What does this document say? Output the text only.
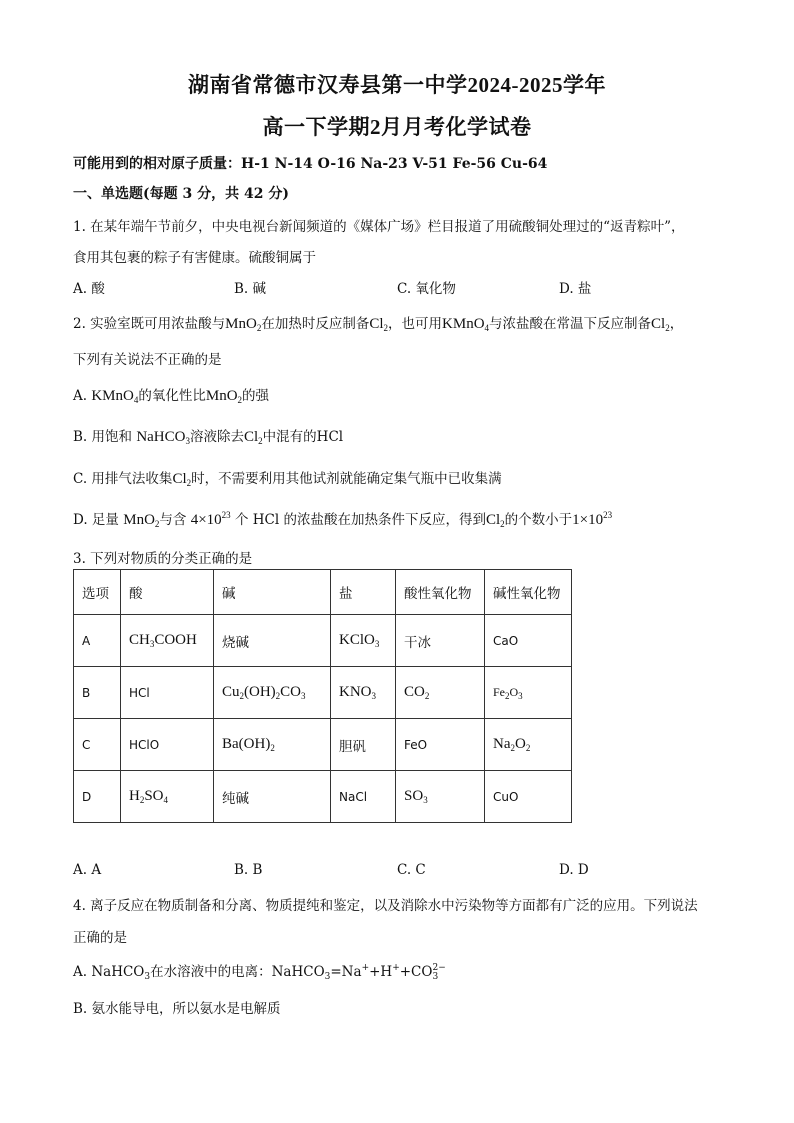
湖南省常德市汉寿县第一中学2024-2025学年
高一下学期2月月考化学试卷
可能用到的相对原子质量：H-1 N-14 O-16 Na-23 V-51 Fe-56 Cu-64
一、单选题(每题 3 分，共 42 分)
1. 在某年端午节前夕，中央电视台新闻频道的《媒体广场》栏目报道了用硫酸铜处理过的“返青粽叶”，
食用其包裹的粽子有害健康。硫酸铜属于
A. 酸	B. 碱	C. 氧化物	D. 盐
2. 实验室既可用浓盐酸与MnO$_2$在加热时反应制备$Cl_2$，也可用KMnO$_4$与浓盐酸在常温下反应制备$Cl_2$，
下列有关说法不正确的是
A. KMnO$_4$的氧化性比MnO$_2$的强
B. 用饱和 NaHCO$_3$溶液除去$Cl_2$中混有的HCl
C. 用排气法收集$Cl_2$时，不需要利用其他试剂就能确定集气瓶中已收集满
D. 足量 MnO$_2$与含 $4\times 10^{23}$ 个 HCl 的浓盐酸在加热条件下反应，得到$Cl_2$的个数小于$1\times 10^{23}$
3. 下列对物质的分类正确的是
选项	酸	碱	盐	酸性氧化物	碱性氧化物
A	$CH_3COOH$	烧碱	KClO$_3$	干冰	CaO
B	HCl	$Cu_2(OH)_2CO_3$	$KNO_3$	$CO_2$	$Fe_2O_3$
C	HClO	$Ba(OH)_2$	胆矾	FeO	$Na_2O_2$
D	$H_2SO_4$	纯碱	NaCl	$SO_3$	CuO
A. A	B. B	C. C	D. D
4. 离子反应在物质制备和分离、物质提纯和鉴定，以及消除水中污染物等方面都有广泛的应用。下列说法
正确的是
A. NaHCO$_3$在水溶液中的电离：NaHCO$_3$=Na++H++CO 2−
3
B. 氨水能导电，所以氨水是电解质
